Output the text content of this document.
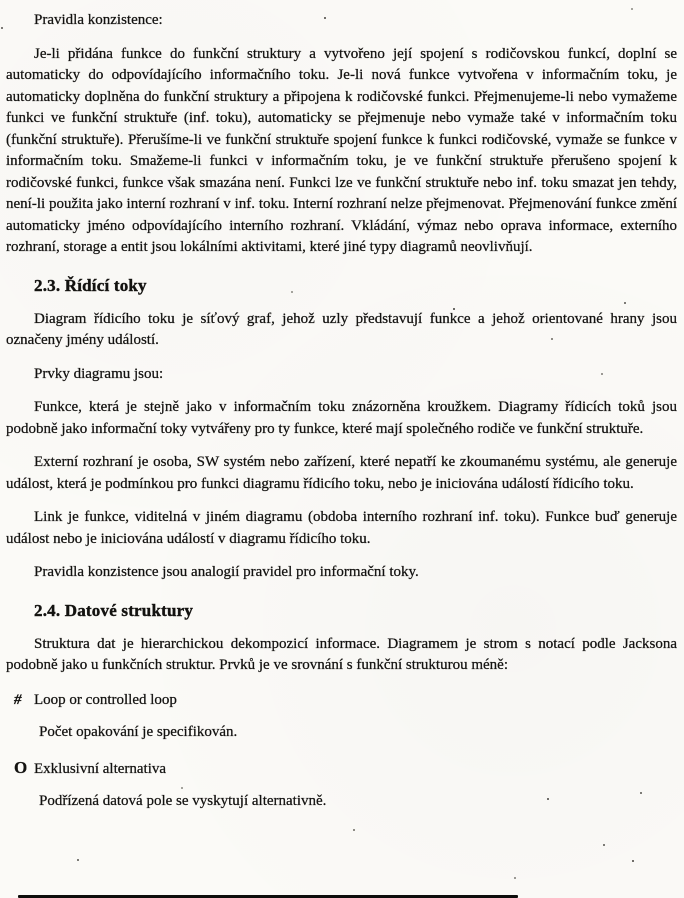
Pravidla konzistence:

Je-li přidána funkce do funkční struktury a vytvořeno její spojení s rodičovskou funkcí, doplní se automaticky do odpovídajícího informačního toku. Je-li nová funkce vytvořena v informačním toku, je automaticky doplněna do funkční struktury a připojena k rodičovské funkci. Přejmenujeme-li nebo vymažeme funkci ve funkční struktuře (inf. toku), automaticky se přejmenuje nebo vymaže také v informačním toku (funkční struktuře). Přerušíme-li ve funkční struktuře spojení funkce k funkci rodičovské, vymaže se funkce v informačním toku. Smažeme-li funkci v informačním toku, je ve funkční struktuře přerušeno spojení k rodičovské funkci, funkce však smazána není. Funkci lze ve funkční struktuře nebo inf. toku smazat jen tehdy, není-li použita jako interní rozhraní v inf. toku. Interní rozhraní nelze přejmenovat. Přejmenování funkce změní automaticky jméno odpovídajícího interního rozhraní. Vkládání, výmaz nebo oprava informace, externího rozhraní, storage a entit jsou lokálními aktivitami, které jiné typy diagramů neovlivňují.

2.3. Řídící toky

Diagram řídicího toku je síťový graf, jehož uzly představují funkce a jehož orientované hrany jsou označeny jmény událostí.

Prvky diagramu jsou:

Funkce, která je stejně jako v informačním toku znázorněna kroužkem. Diagramy řídicích toků jsou podobně jako informační toky vytvářeny pro ty funkce, které mají společného rodiče ve funkční struktuře.

Externí rozhraní je osoba, SW systém nebo zařízení, které nepatří ke zkoumanému systému, ale generuje událost, která je podmínkou pro funkci diagramu řídicího toku, nebo je iniciována událostí řídicího toku.

Link je funkce, viditelná v jiném diagramu (obdoba interního rozhraní inf. toku). Funkce buď generuje událost nebo je iniciována událostí v diagramu řídicího toku.

Pravidla konzistence jsou analogií pravidel pro informační toky.

2.4. Datové struktury

Struktura dat je hierarchickou dekompozicí informace. Diagramem je strom s notací podle Jacksona podobně jako u funkčních struktur. Prvků je ve srovnání s funkční strukturou méně:

# Loop or controlled loop

Počet opakování je specifikován.

O Exklusivní alternativa

Podřízená datová pole se vyskytují alternativně.
